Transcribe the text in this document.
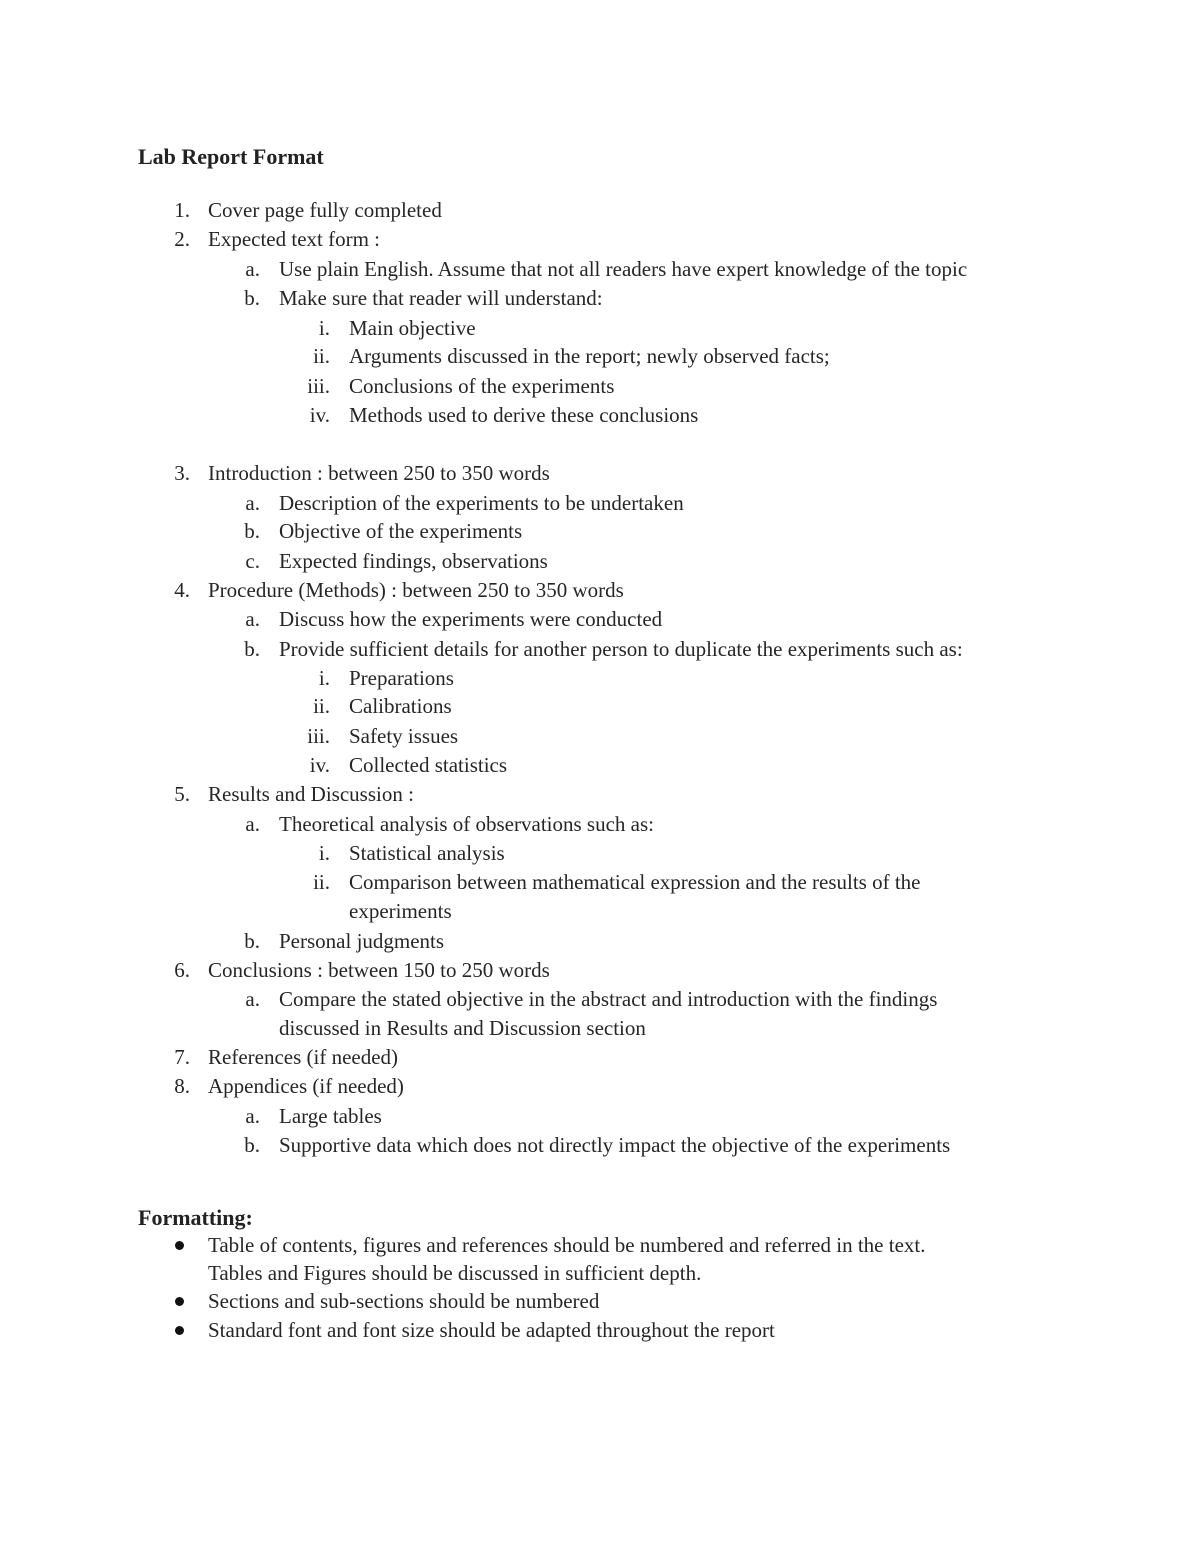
Lab Report Format
1. Cover page fully completed
2. Expected text form :
a. Use plain English. Assume that not all readers have expert knowledge of the topic
b. Make sure that reader will understand:
i. Main objective
ii. Arguments discussed in the report; newly observed facts;
iii. Conclusions of the experiments
iv. Methods used to derive these conclusions
3. Introduction : between 250 to 350 words
a. Description of the experiments to be undertaken
b. Objective of the experiments
c. Expected findings, observations
4. Procedure (Methods) : between 250 to 350 words
a. Discuss how the experiments were conducted
b. Provide sufficient details for another person to duplicate the experiments such as:
i. Preparations
ii. Calibrations
iii. Safety issues
iv. Collected statistics
5. Results and Discussion :
a. Theoretical analysis of observations such as:
i. Statistical analysis
ii. Comparison between mathematical expression and the results of the
experiments
b. Personal judgments
6. Conclusions : between 150 to 250 words
a. Compare the stated objective in the abstract and introduction with the findings
discussed in Results and Discussion section
7. References (if needed)
8. Appendices (if needed)
a. Large tables
b. Supportive data which does not directly impact the objective of the experiments
Formatting:
Table of contents, figures and references should be numbered and referred in the text.
Tables and Figures should be discussed in sufficient depth.
Sections and sub-sections should be numbered
Standard font and font size should be adapted throughout the report
